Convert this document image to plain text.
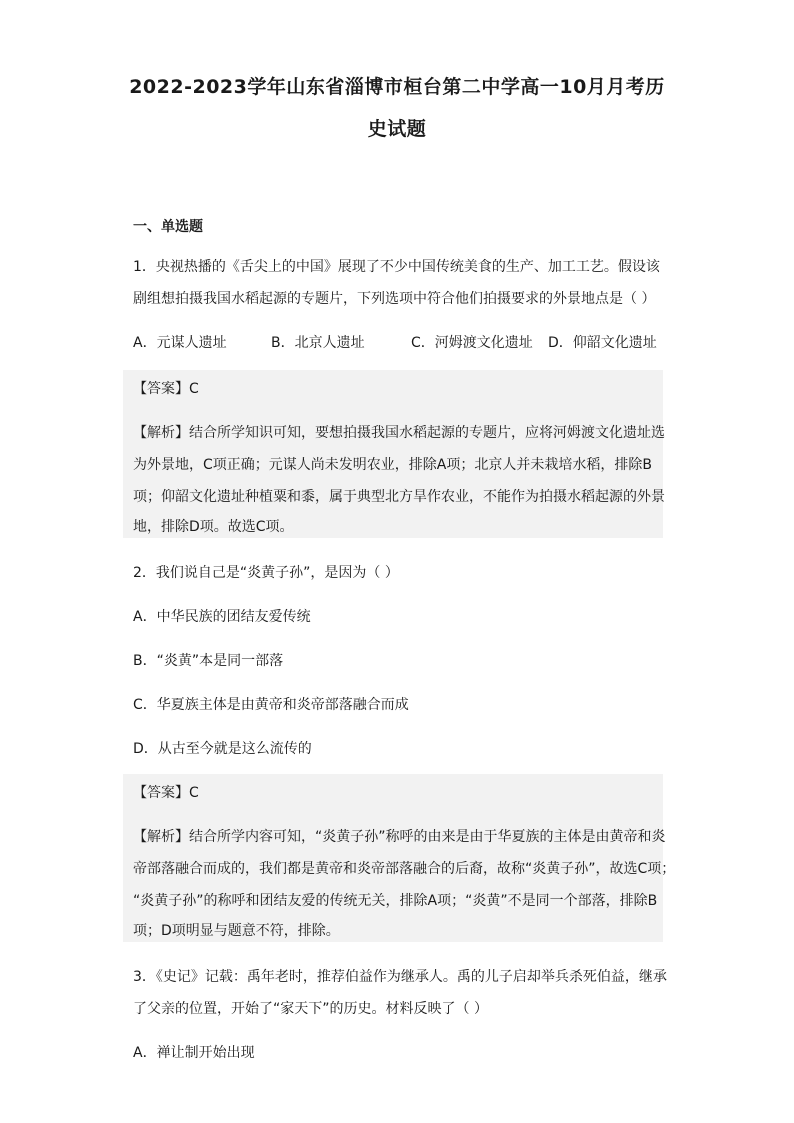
2022-2023学年山东省淄博市桓台第二中学高一10月月考历
史试题
一、单选题
1．央视热播的《舌尖上的中国》展现了不少中国传统美食的生产、加工工艺。假设该
剧组想拍摄我国水稻起源的专题片，下列选项中符合他们拍摄要求的外景地点是（ ）
A．元谋人遗址	B．北京人遗址	C．河姆渡文化遗址 D．仰韶文化遗址
【答案】C
【解析】结合所学知识可知，要想拍摄我国水稻起源的专题片，应将河姆渡文化遗址选
为外景地，C项正确；元谋人尚未发明农业，排除A项；北京人并未栽培水稻，排除B
项；仰韶文化遗址种植粟和黍，属于典型北方旱作农业，不能作为拍摄水稻起源的外景
地，排除D项。故选C项。
2．我们说自己是“炎黄子孙”，是因为（ ）
A．中华民族的团结友爱传统
B．“炎黄”本是同一部落
C．华夏族主体是由黄帝和炎帝部落融合而成
D．从古至今就是这么流传的
【答案】C
【解析】结合所学内容可知，“炎黄子孙”称呼的由来是由于华夏族的主体是由黄帝和炎
帝部落融合而成的，我们都是黄帝和炎帝部落融合的后裔，故称“炎黄子孙”，故选C项；
“炎黄子孙”的称呼和团结友爱的传统无关，排除A项；“炎黄”不是同一个部落，排除B
项；D项明显与题意不符，排除。
3．《史记》记载：禹年老时，推荐伯益作为继承人。禹的儿子启却举兵杀死伯益，继承
了父亲的位置，开始了“家天下”的历史。材料反映了（ ）
A．禅让制开始出现
